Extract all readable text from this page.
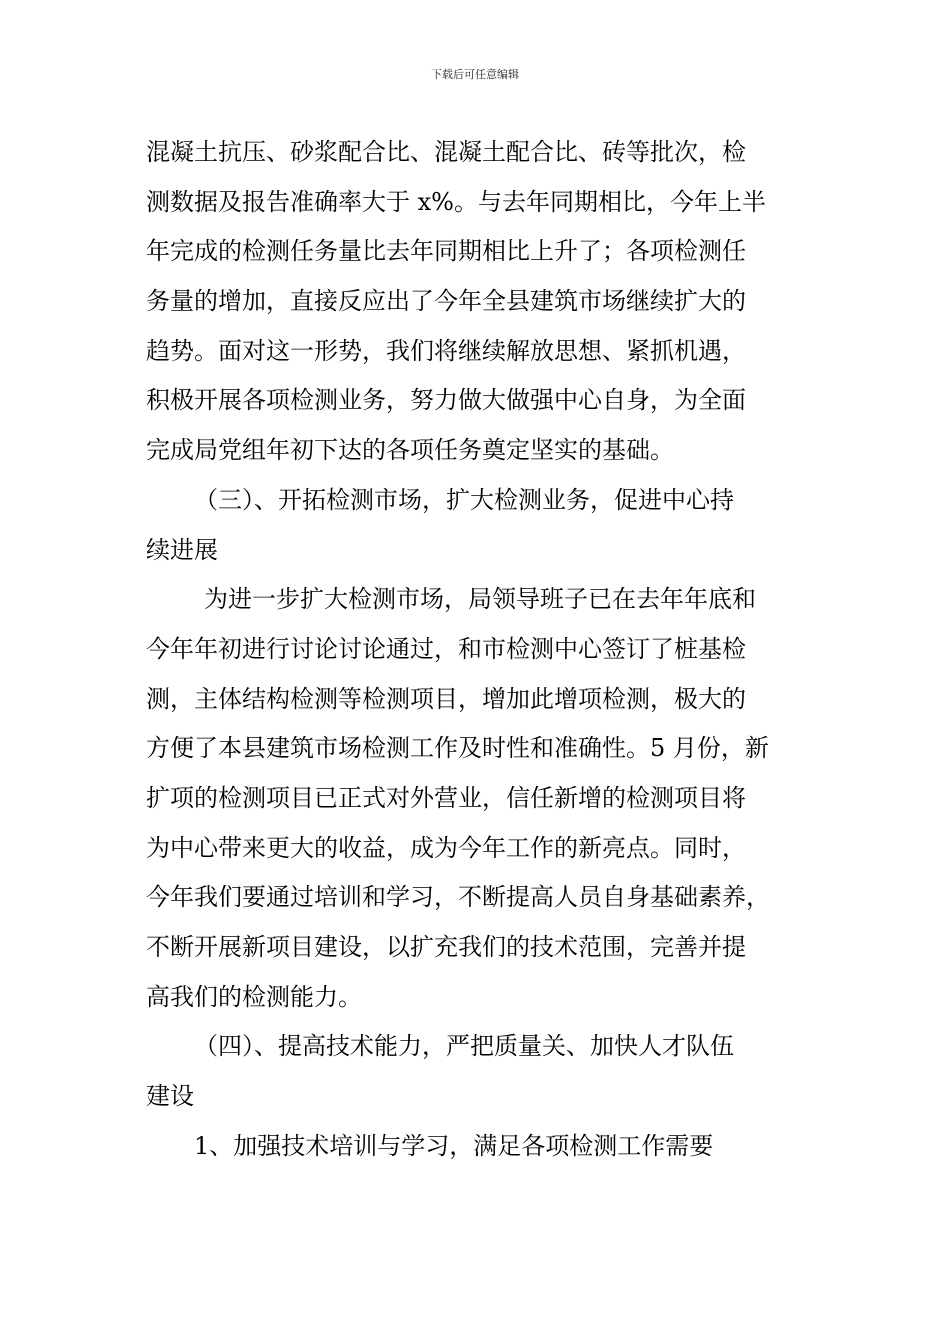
下载后可任意编辑
混凝土抗压、砂浆配合比、混凝土配合比、砖等批次，检
测数据及报告准确率大于 x%。与去年同期相比，今年上半
年完成的检测任务量比去年同期相比上升了；各项检测任
务量的增加，直接反应出了今年全县建筑市场继续扩大的
趋势。面对这一形势，我们将继续解放思想、紧抓机遇，
积极开展各项检测业务，努力做大做强中心自身，为全面
完成局党组年初下达的各项任务奠定坚实的基础。
（三）、开拓检测市场，扩大检测业务，促进中心持
续进展
为进一步扩大检测市场，局领导班子已在去年年底和
今年年初进行讨论讨论通过，和市检测中心签订了桩基检
测，主体结构检测等检测项目，增加此增项检测，极大的
方便了本县建筑市场检测工作及时性和准确性。5 月份，新
扩项的检测项目已正式对外营业，信任新增的检测项目将
为中心带来更大的收益，成为今年工作的新亮点。同时，
今年我们要通过培训和学习，不断提高人员自身基础素养，
不断开展新项目建设，以扩充我们的技术范围，完善并提
高我们的检测能力。
（四）、提高技术能力，严把质量关、加快人才队伍
建设
1、加强技术培训与学习，满足各项检测工作需要
